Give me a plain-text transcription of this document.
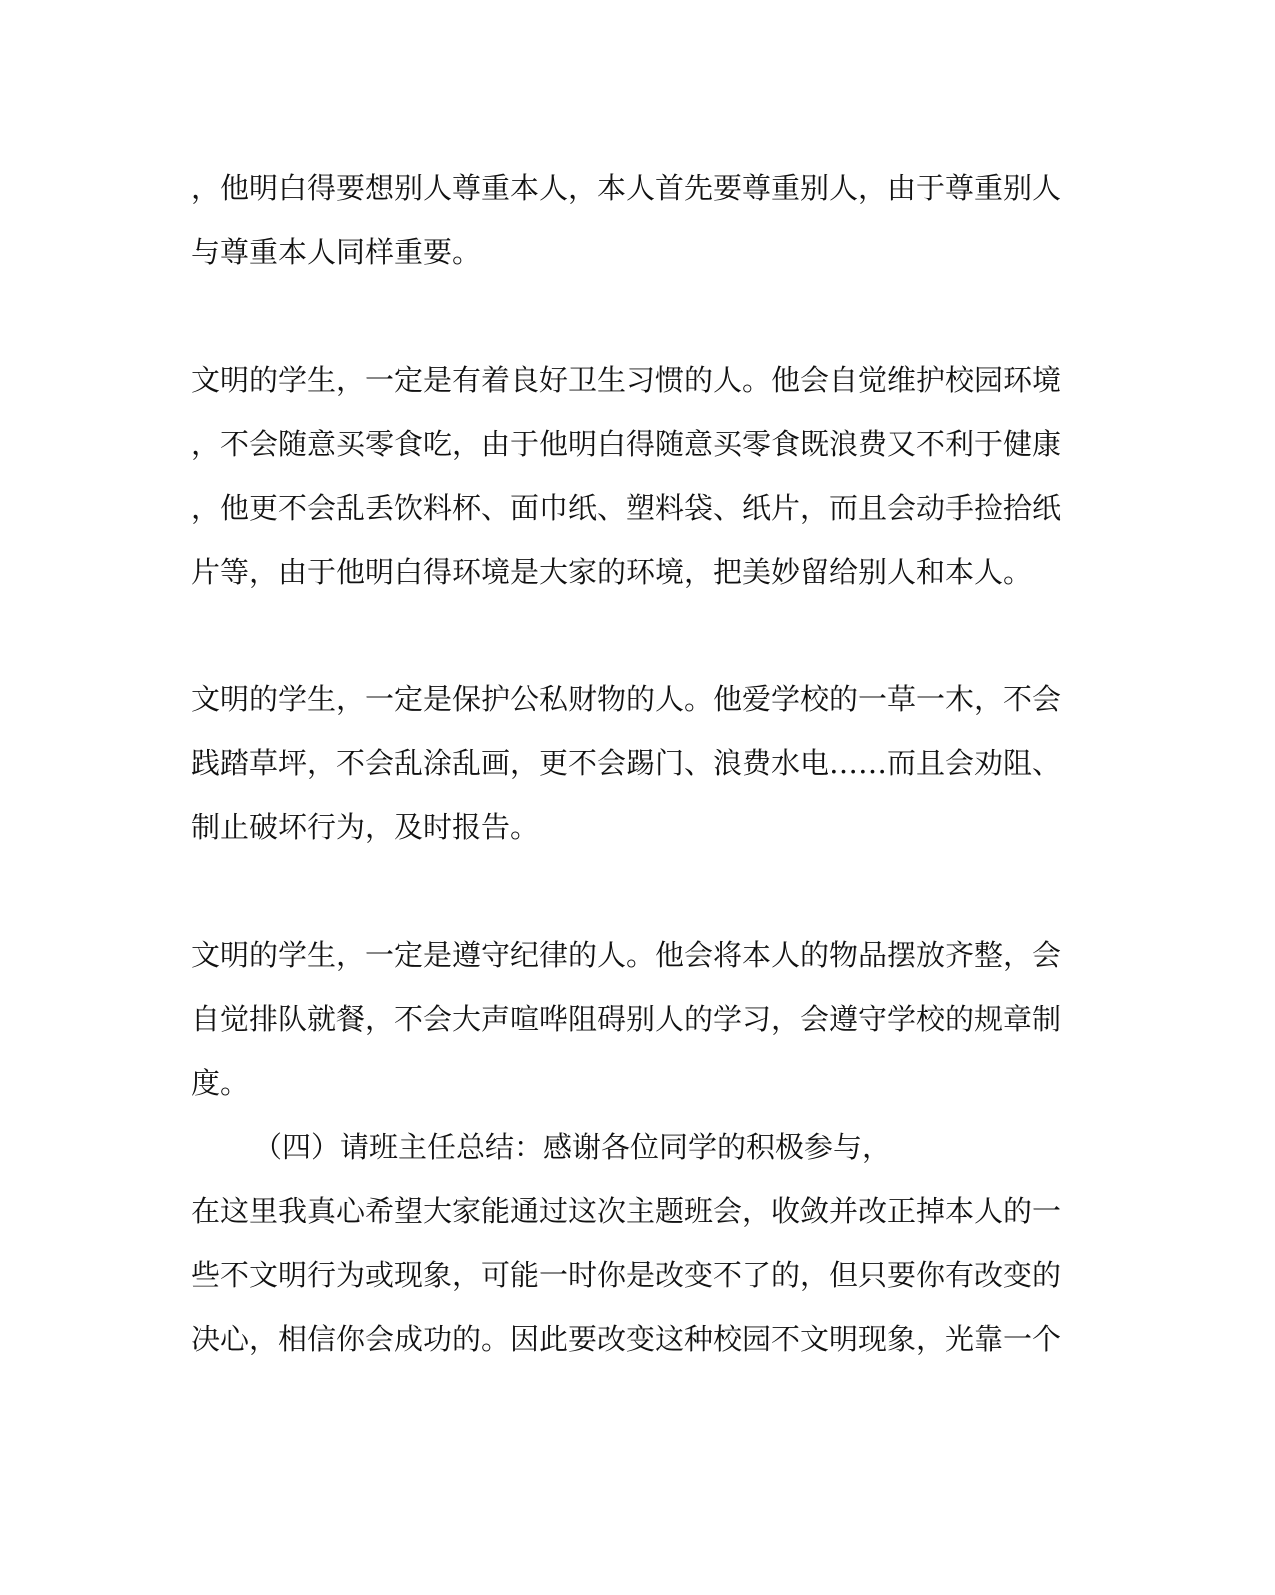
，他明白得要想别人尊重本人，本人首先要尊重别人，由于尊重别人
与尊重本人同样重要。
文明的学生，一定是有着良好卫生习惯的人。他会自觉维护校园环境
，不会随意买零食吃，由于他明白得随意买零食既浪费又不利于健康
，他更不会乱丢饮料杯、面巾纸、塑料袋、纸片，而且会动手捡拾纸
片等，由于他明白得环境是大家的环境，把美妙留给别人和本人。
文明的学生，一定是保护公私财物的人。他爱学校的一草一木，不会
践踏草坪，不会乱涂乱画，更不会踢门、浪费水电……而且会劝阻、
制止破坏行为，及时报告。
文明的学生，一定是遵守纪律的人。他会将本人的物品摆放齐整，会
自觉排队就餐，不会大声喧哗阻碍别人的学习，会遵守学校的规章制
度。
（四）请班主任总结：感谢各位同学的积极参与，
在这里我真心希望大家能通过这次主题班会，收敛并改正掉本人的一
些不文明行为或现象，可能一时你是改变不了的，但只要你有改变的
决心，相信你会成功的。因此要改变这种校园不文明现象，光靠一个
